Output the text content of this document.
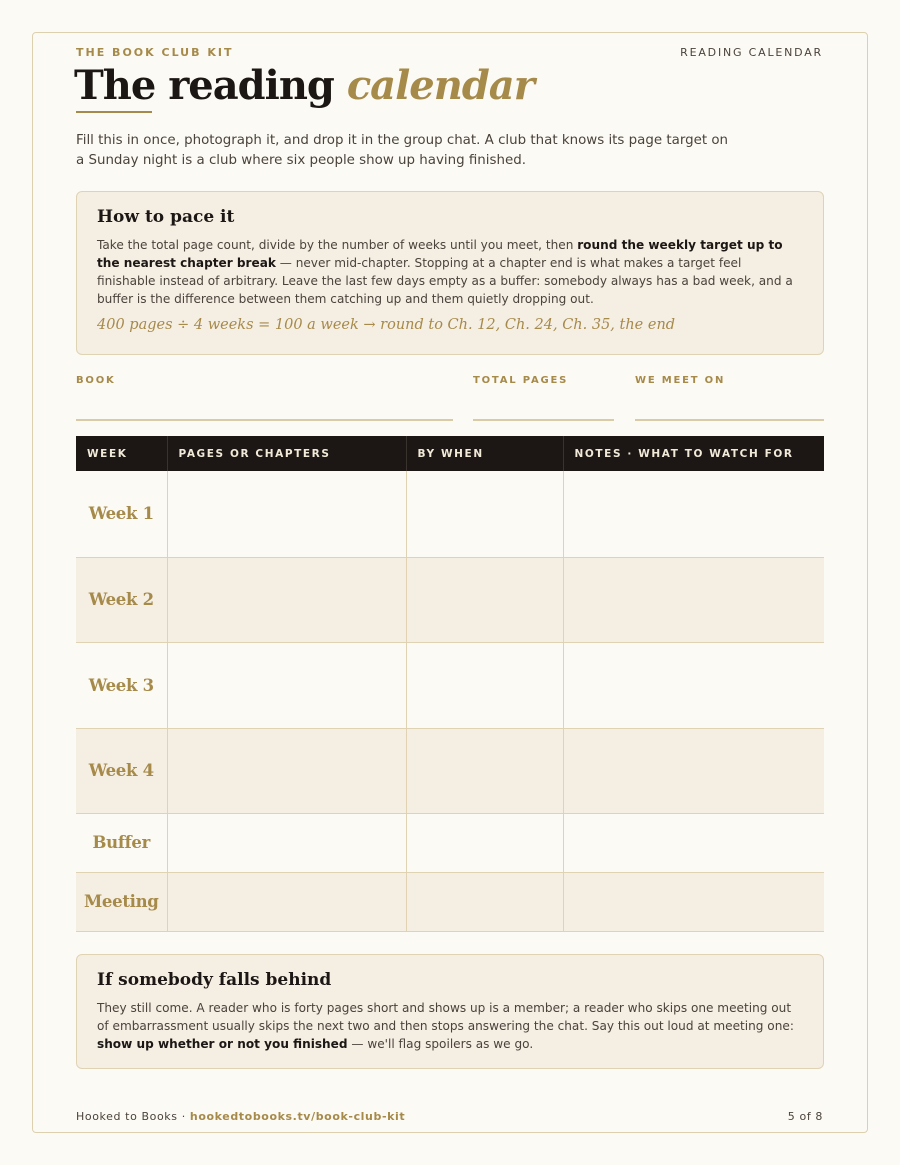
THE BOOK CLUB KIT	READING CALENDAR
The reading calendar

Fill this in once, photograph it, and drop it in the group chat. A club that knows its page target on a Sunday night is a club where six people show up having finished.

How to pace it

Take the total page count, divide by the number of weeks until you meet, then round the weekly target up to the nearest chapter break — never mid-chapter. Stopping at a chapter end is what makes a target feel finishable instead of arbitrary. Leave the last few days empty as a buffer: somebody always has a bad week, and a buffer is the difference between them catching up and them quietly dropping out.

400 pages ÷ 4 weeks = 100 a week → round to Ch. 12, Ch. 24, Ch. 35, the end
BOOK	TOTAL PAGES	WE MEET ON
WEEK	PAGES OR CHAPTERS	BY WHEN	NOTES · WHAT TO WATCH FOR
Week 1			
Week 2			
Week 3			
Week 4			
Buffer			
Meeting			
If somebody falls behind

They still come. A reader who is forty pages short and shows up is a member; a reader who skips one meeting out of embarrassment usually skips the next two and then stops answering the chat. Say this out loud at meeting one: show up whether or not you finished — we'll flag spoilers as we go.

Hooked to Books · hookedtobooks.tv/book-club-kit	5 of 8
